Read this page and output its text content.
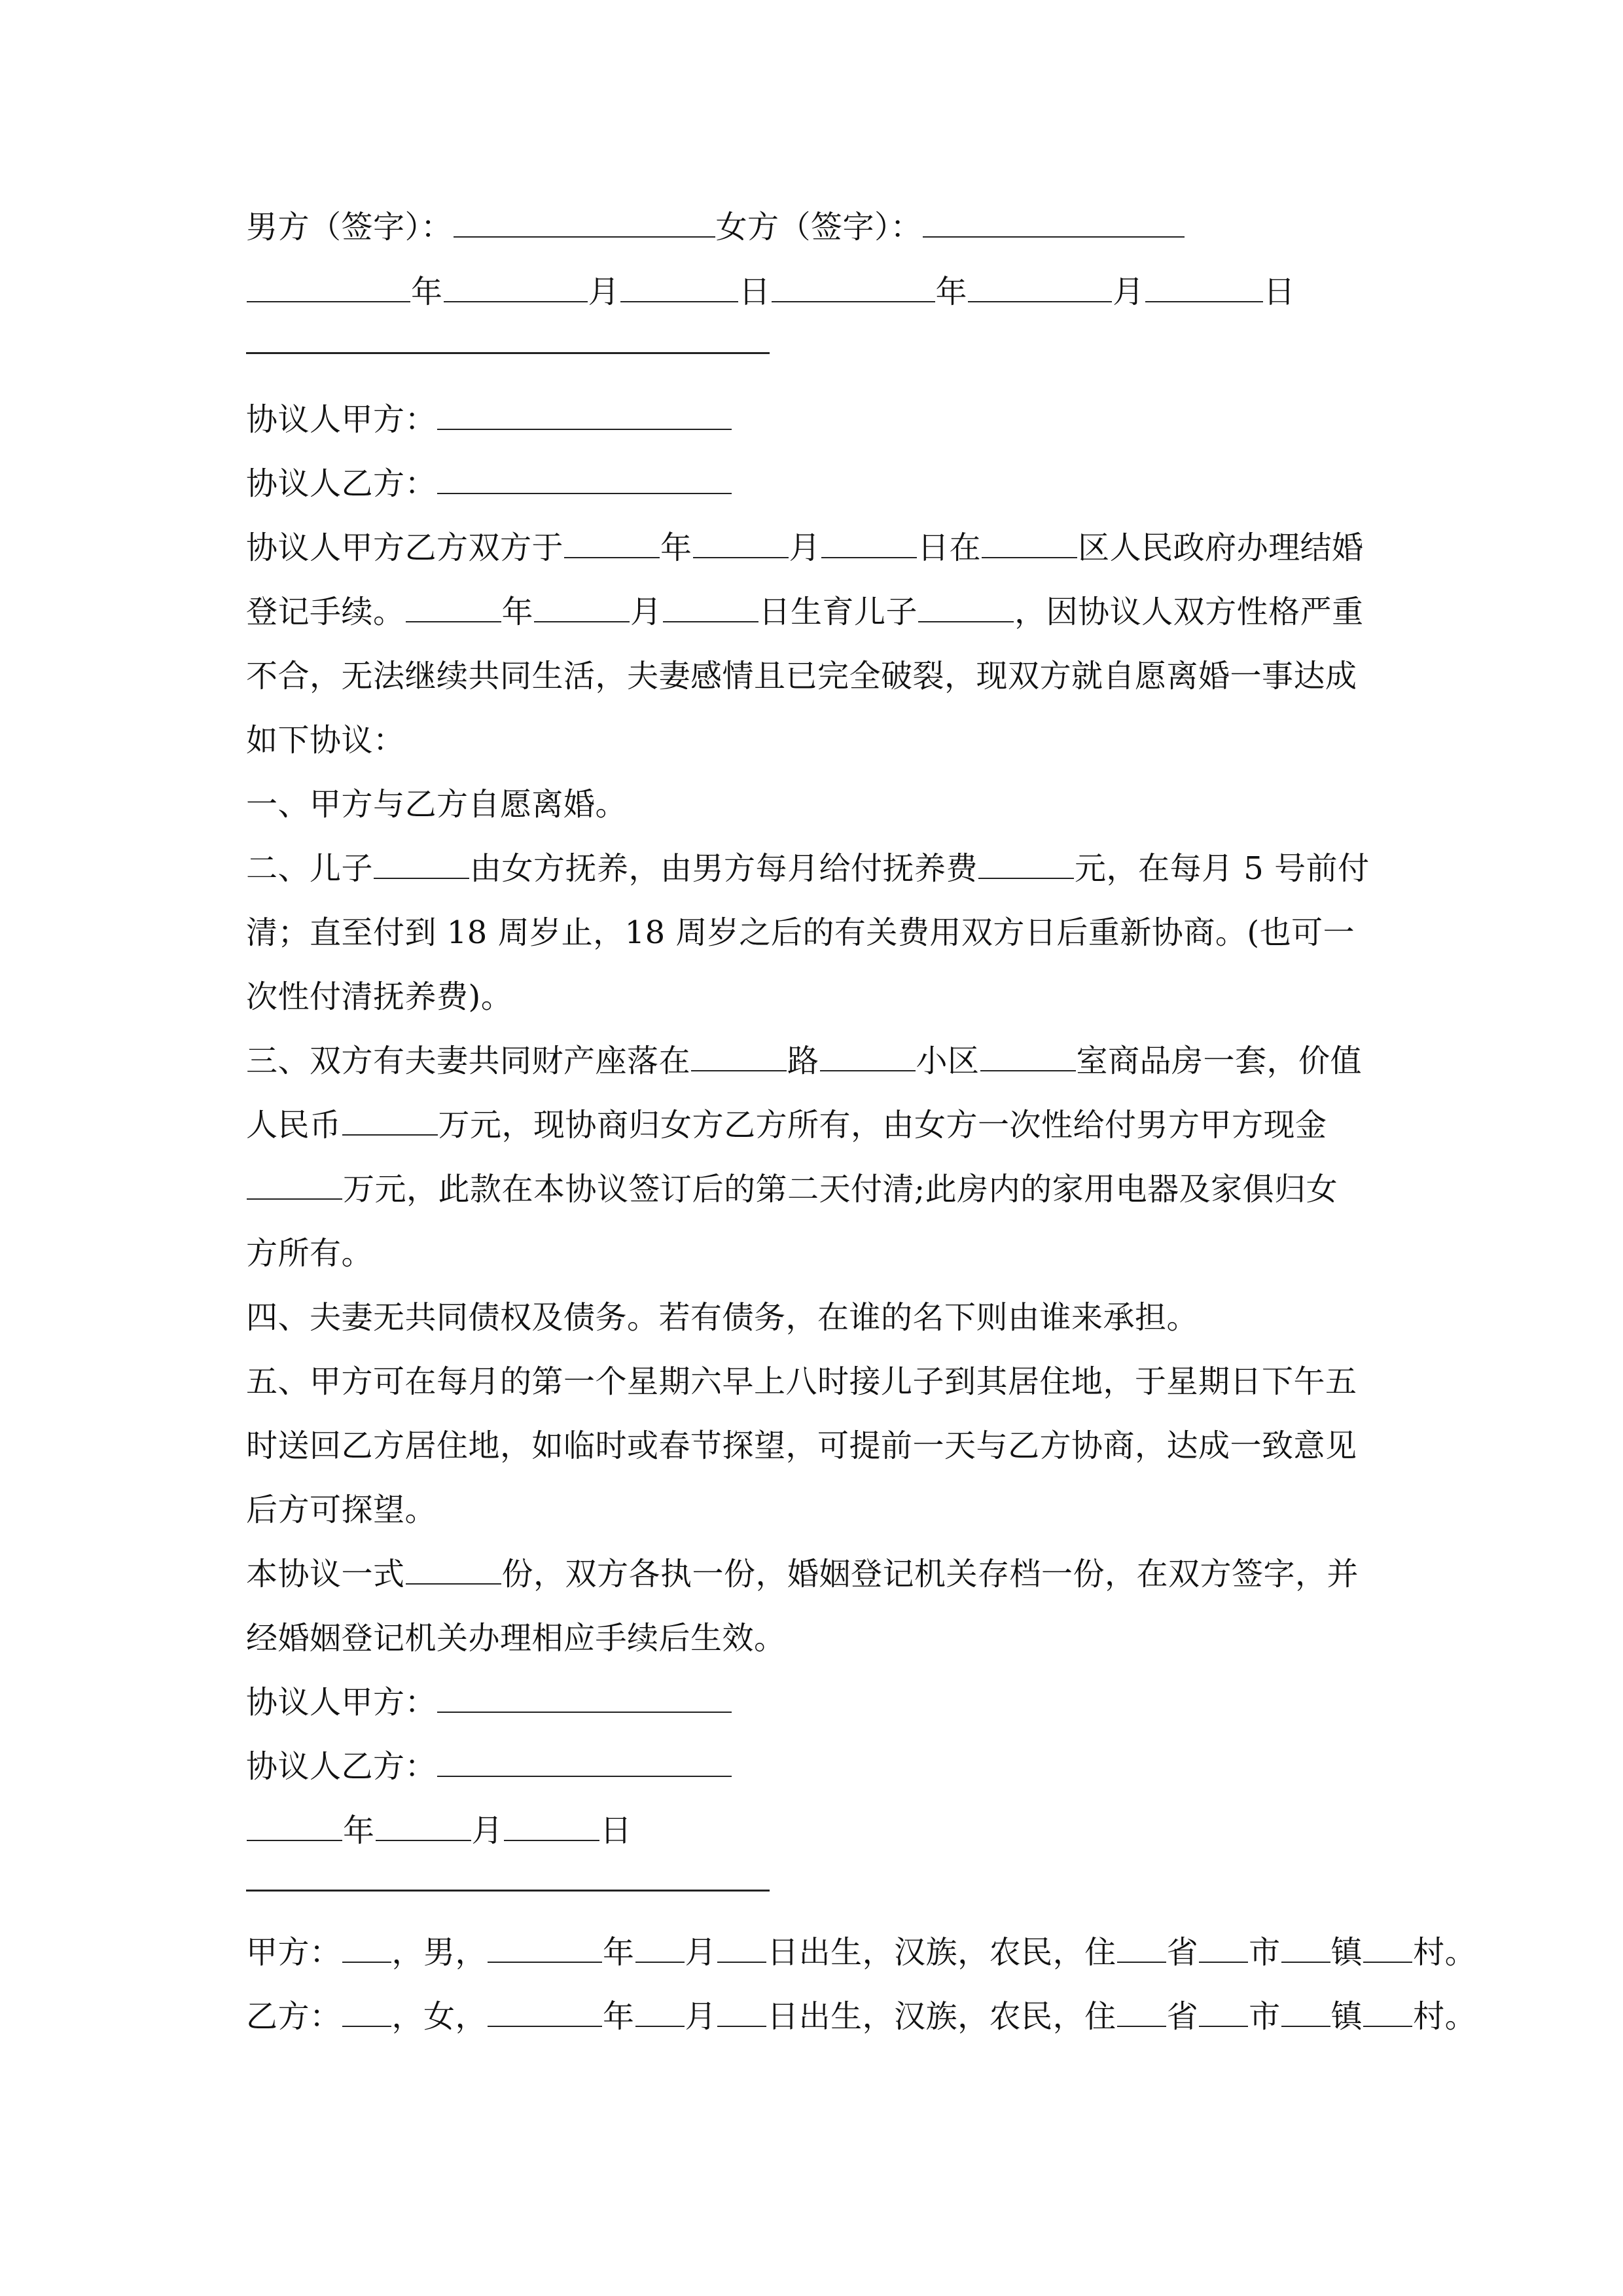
男方（签字）：	女方（签字）：
年	月	日	年	月	日
协议人甲方：
协议人乙方：
协议人甲方乙方双方于	年	月	日在	区人民政府办理结婚
登记手续。	年	月	日生育儿子	，因协议人双方性格严重
不合，无法继续共同生活，夫妻感情且已完全破裂，现双方就自愿离婚一事达成
如下协议：
一、甲方与乙方自愿离婚。
二、儿子	由女方抚养，由男方每月给付抚养费	元，在每月 5 号前付
清；直至付到 18 周岁止，18 周岁之后的有关费用双方日后重新协商。(也可一
次性付清抚养费)。
三、双方有夫妻共同财产座落在	路	小区	室商品房一套，价值
人民币	万元，现协商归女方乙方所有，由女方一次性给付男方甲方现金
万元，此款在本协议签订后的第二天付清;此房内的家用电器及家俱归女
方所有。
四、夫妻无共同债权及债务。若有债务，在谁的名下则由谁来承担。
五、甲方可在每月的第一个星期六早上八时接儿子到其居住地，于星期日下午五
时送回乙方居住地，如临时或春节探望，可提前一天与乙方协商，达成一致意见
后方可探望。
本协议一式	份，双方各执一份，婚姻登记机关存档一份，在双方签字，并
经婚姻登记机关办理相应手续后生效。
协议人甲方：
协议人乙方：
年	月	日
甲方： ，男，	年 月 日出生，汉族，农民，住 省 市 镇 村。
乙方： ，女，	年 月 日出生，汉族，农民，住 省 市 镇 村。
